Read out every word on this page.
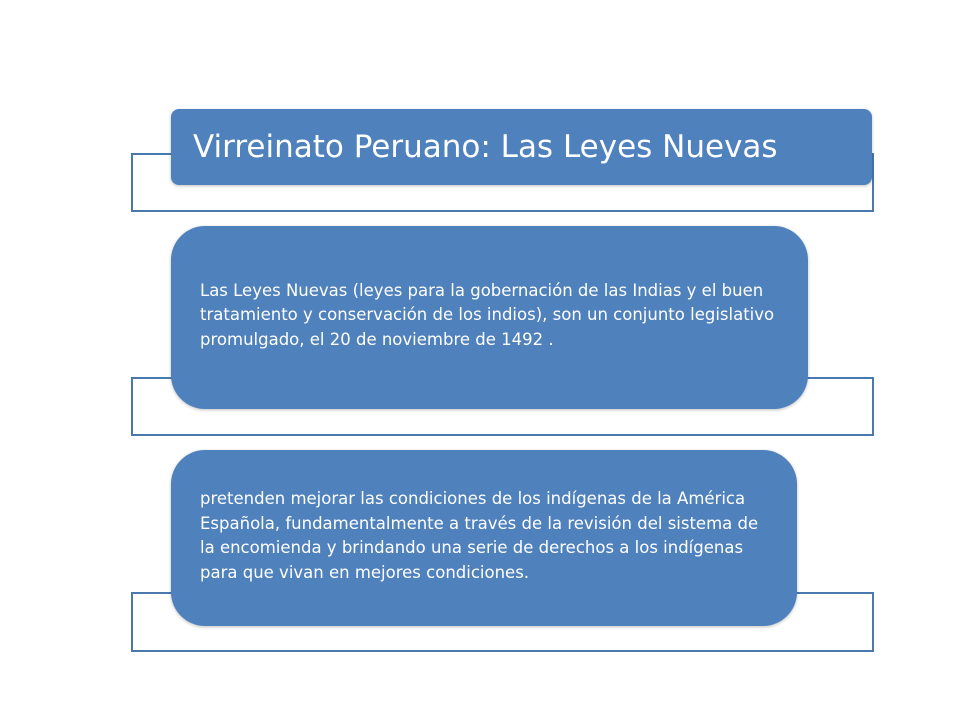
Virreinato Peruano: Las Leyes Nuevas
Las Leyes Nuevas (leyes para la gobernación de las Indias y el buen tratamiento y conservación de los indios), son un conjunto legislativo promulgado, el 20 de noviembre de 1492 .
pretenden mejorar las condiciones de los indígenas de la América Española, fundamentalmente a través de la revisión del sistema de la encomienda y brindando una serie de derechos a los indígenas para que vivan en mejores condiciones.
